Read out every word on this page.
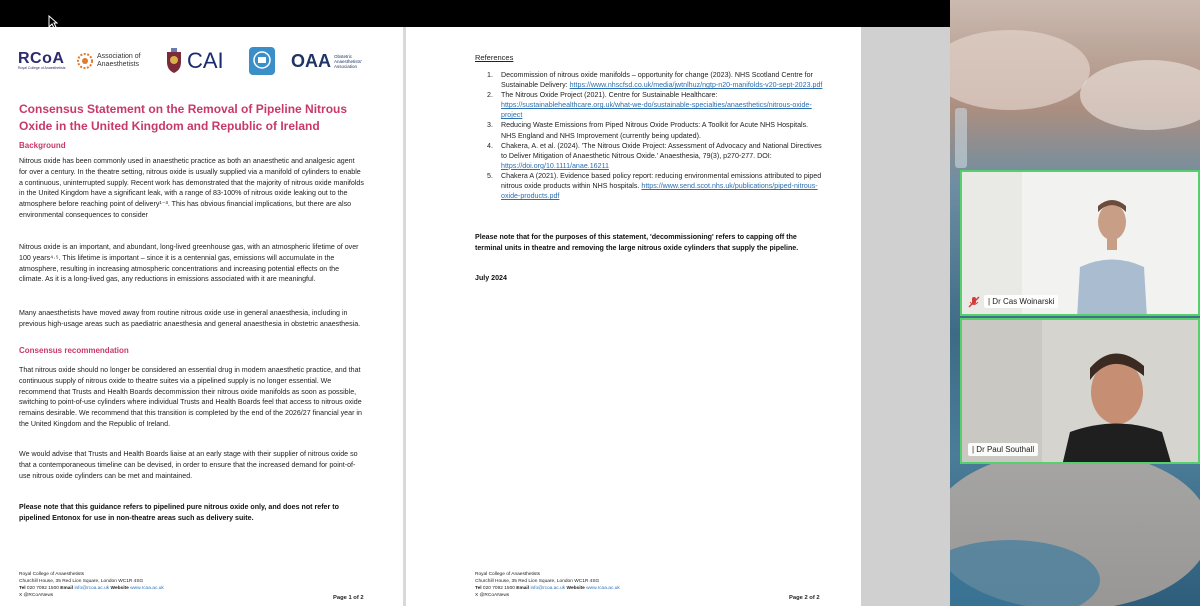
RCoA
Royal College of Anaesthetists
Association of Anaesthetists	CAI	OAA Obstetric Anaesthetists' Association
Consensus Statement on the Removal of Pipeline Nitrous Oxide in the United Kingdom and Republic of Ireland
Background
Nitrous oxide has been commonly used in anaesthetic practice as both an anaesthetic and analgesic agent for over a century. In the theatre setting, nitrous oxide is usually supplied via a manifold of cylinders to enable a continuous, uninterrupted supply. Recent work has demonstrated that the majority of nitrous oxide manifolds in the United Kingdom have a significant leak, with a range of 83-100% of nitrous oxide leaking out to the atmosphere before reaching point of delivery¹⁻³. This has obvious financial implications, but there are also environmental consequences to consider
Nitrous oxide is an important, and abundant, long-lived greenhouse gas, with an atmospheric lifetime of over 100 years⁴·⁵. This lifetime is important – since it is a centennial gas, emissions will accumulate in the atmosphere, resulting in increasing atmospheric concentrations and increasing potential effects on the climate. As it is a long-lived gas, any reductions in emissions associated with it are meaningful.
Many anaesthetists have moved away from routine nitrous oxide use in general anaesthesia, including in previous high-usage areas such as paediatric anaesthesia and general anaesthesia in obstetric anaesthesia.
Consensus recommendation
That nitrous oxide should no longer be considered an essential drug in modern anaesthetic practice, and that continuous supply of nitrous oxide to theatre suites via a pipelined supply is no longer essential. We recommend that Trusts and Health Boards decommission their nitrous oxide manifolds as soon as possible, switching to point-of-use cylinders where individual Trusts and Health Boards feel that access to nitrous oxide remains desirable. We recommend that this transition is completed by the end of the 2026/27 financial year in the United Kingdom and the Republic of Ireland.
We would advise that Trusts and Health Boards liaise at an early stage with their supplier of nitrous oxide so that a contemporaneous timeline can be devised, in order to ensure that the increased demand for point-of-use nitrous oxide cylinders can be met and maintained.
Please note that this guidance refers to pipelined pure nitrous oxide only, and does not refer to pipelined Entonox for use in non-theatre areas such as delivery suite.
Royal College of Anaesthetists
Churchill House, 35 Red Lion Square, London WC1R 4SG
Tel 020 7092 1500 Email info@rcoa.ac.uk Website www.rcoa.ac.uk
X @RCoANews	Page 1 of 2
References
1. Decommission of nitrous oxide manifolds – opportunity for change (2023). NHS Scotland Centre for Sustainable Delivery: https://www.nhscfsd.co.uk/media/jwtnlhuz/ngtp-n20-manifolds-v20-sept-2023.pdf
2. The Nitrous Oxide Project (2021). Centre for Sustainable Healthcare: https://sustainablehealthcare.org.uk/what-we-do/sustainable-specialties/anaesthetics/nitrous-oxide-project
3. Reducing Waste Emissions from Piped Nitrous Oxide Products: A Toolkit for Acute NHS Hospitals. NHS England and NHS Improvement (currently being updated).
4. Chakera, A. et al. (2024). 'The Nitrous Oxide Project: Assessment of Advocacy and National Directives to Deliver Mitigation of Anaesthetic Nitrous Oxide.' Anaesthesia, 79(3), p270-277. DOI: https://doi.org/10.1111/anae.16211
5. Chakera A (2021). Evidence based policy report: reducing environmental emissions attributed to piped nitrous oxide products within NHS hospitals. https://www.send.scot.nhs.uk/publications/piped-nitrous-oxide-products.pdf
Please note that for the purposes of this statement, 'decommissioning' refers to capping off the terminal units in theatre and removing the large nitrous oxide cylinders that supply the pipeline.
July 2024
Royal College of Anaesthetists
Churchill House, 35 Red Lion Square, London WC1R 4SG
Tel 020 7092 1500 Email info@rcoa.ac.uk Website www.rcoa.ac.uk
X @RCoANews	Page 2 of 2
| Dr Cas Woinarski
| Dr Paul Southall
